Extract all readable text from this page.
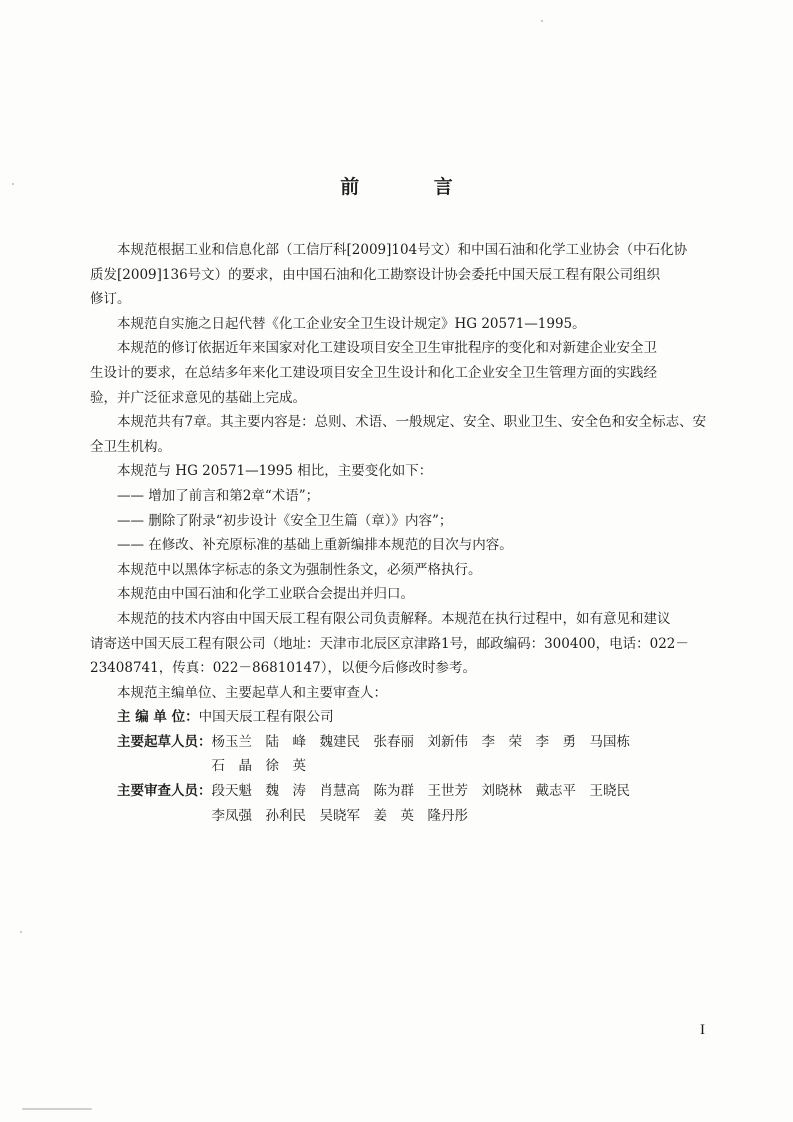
前 言
本规范根据工业和信息化部（工信厅科[2009]104号文）和中国石油和化学工业协会（中石化协
质发[2009]136号文）的要求，由中国石油和化工勘察设计协会委托中国天辰工程有限公司组织
修订。
本规范自实施之日起代替《化工企业安全卫生设计规定》HG 20571—1995。
本规范的修订依据近年来国家对化工建设项目安全卫生审批程序的变化和对新建企业安全卫
生设计的要求，在总结多年来化工建设项目安全卫生设计和化工企业安全卫生管理方面的实践经
验，并广泛征求意见的基础上完成。
本规范共有7章。其主要内容是：总则、术语、一般规定、安全、职业卫生、安全色和安全标志、安
全卫生机构。
本规范与 HG 20571—1995 相比，主要变化如下：
—— 增加了前言和第2章“术语”；
—— 删除了附录“初步设计《安全卫生篇（章）》内容”；
—— 在修改、补充原标准的基础上重新编排本规范的目次与内容。
本规范中以黑体字标志的条文为强制性条文，必须严格执行。
本规范由中国石油和化学工业联合会提出并归口。
本规范的技术内容由中国天辰工程有限公司负责解释。本规范在执行过程中，如有意见和建议
请寄送中国天辰工程有限公司（地址：天津市北辰区京津路1号，邮政编码：300400，电话：022－
23408741，传真：022－86810147），以便今后修改时参考。
本规范主编单位、主要起草人和主要审查人：
主 编 单 位： 中国天辰工程有限公司
主要起草人员： 杨玉兰　陆　峰　魏建民　张春丽　刘新伟　李　荣　李　勇　马国栋
石　晶　徐　英
主要审查人员： 段天魁　魏　涛　肖慧高　陈为群　王世芳　刘晓林　戴志平　王晓民
李凤强　孙利民　吴晓军　姜　英　隆丹彤
I
